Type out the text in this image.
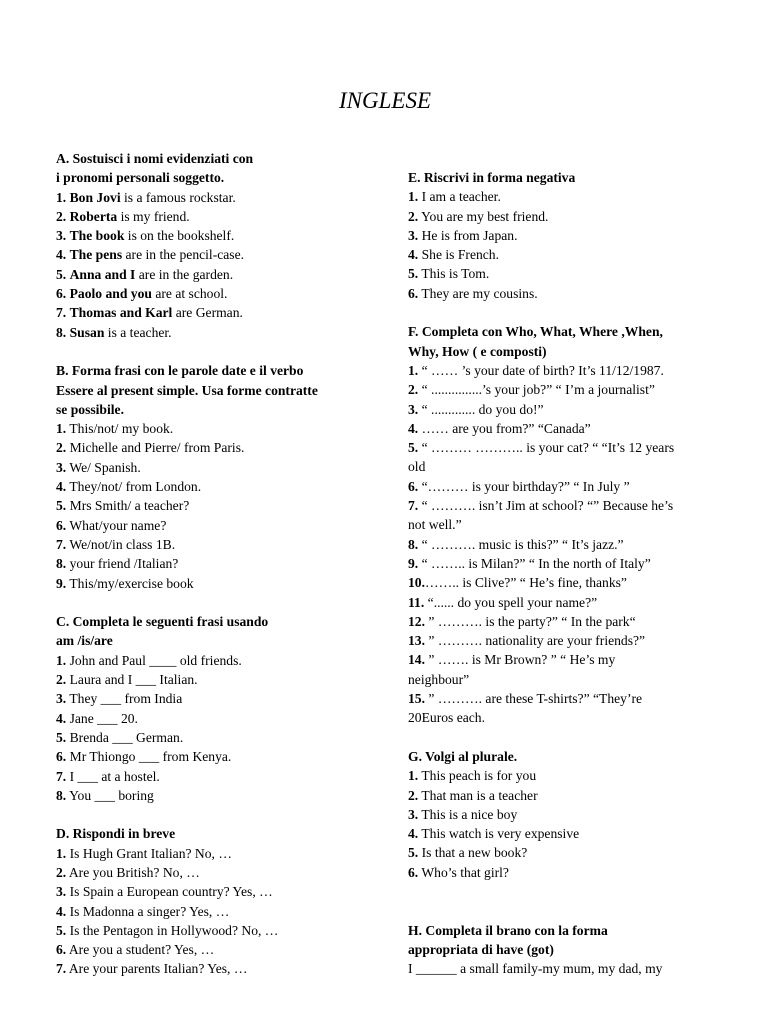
INGLESE
A. Sostuisci i nomi evidenziati con
i pronomi personali soggetto.
1. Bon Jovi is a famous rockstar.
2. Roberta is my friend.
3. The book is on the bookshelf.
4. The pens are in the pencil-case.
5. Anna and I are in the garden.
6. Paolo and you are at school.
7. Thomas and Karl are German.
8. Susan is a teacher.
B. Forma frasi con le parole date e il verbo
Essere al present simple. Usa forme contratte
se possibile.
1. This/not/ my book.
2. Michelle and Pierre/ from Paris.
3. We/ Spanish.
4. They/not/ from London.
5. Mrs Smith/ a teacher?
6. What/your name?
7. We/not/in class 1B.
8. your friend /Italian?
9. This/my/exercise book
C. Completa le seguenti frasi usando
am /is/are
1. John and Paul ____ old friends.
2. Laura and I ___ Italian.
3. They ___ from India
4. Jane ___ 20.
5. Brenda ___ German.
6. Mr Thiongo ___ from Kenya.
7. I ___ at a hostel.
8. You ___ boring
D. Rispondi in breve
1. Is Hugh Grant Italian? No, …
2. Are you British? No, …
3. Is Spain a European country? Yes, …
4. Is Madonna a singer? Yes, …
5. Is the Pentagon in Hollywood? No, …
6. Are you a student? Yes, …
7. Are your parents Italian? Yes, …
E. Riscrivi in forma negativa
1. I am a teacher.
2. You are my best friend.
3. He is from Japan.
4. She is French.
5. This is Tom.
6. They are my cousins.
F. Completa con Who, What, Where ,When,
Why, How ( e composti)
1. “ …… ’s your date of birth? It’s 11/12/1987.
2. “ ...............’s your job?” “ I’m a journalist”
3. “ ............. do you do!”
4. …… are you from?” “Canada”
5. “ ……… ……….. is your cat? “ “It’s 12 years
old
6. “……… is your birthday?” “ In July ”
7. “ ………. isn’t Jim at school? “” Because he’s
not well.”
8. “ ………. music is this?” “ It’s jazz.”
9. “ …….. is Milan?” “ In the north of Italy”
10.…….. is Clive?” “ He’s fine, thanks”
11. “...... do you spell your name?”
12. ” ………. is the party?” “ In the park“
13. ” ………. nationality are your friends?”
14. ” ……. is Mr Brown? ” “ He’s my
neighbour”
15. ” ………. are these T-shirts?” “They’re
20Euros each.
G. Volgi al plurale.
1. This peach is for you
2. That man is a teacher
3. This is a nice boy
4. This watch is very expensive
5. Is that a new book?
6. Who’s that girl?
H. Completa il brano con la forma
appropriata di have (got)
I ______ a small family-my mum, my dad, my
